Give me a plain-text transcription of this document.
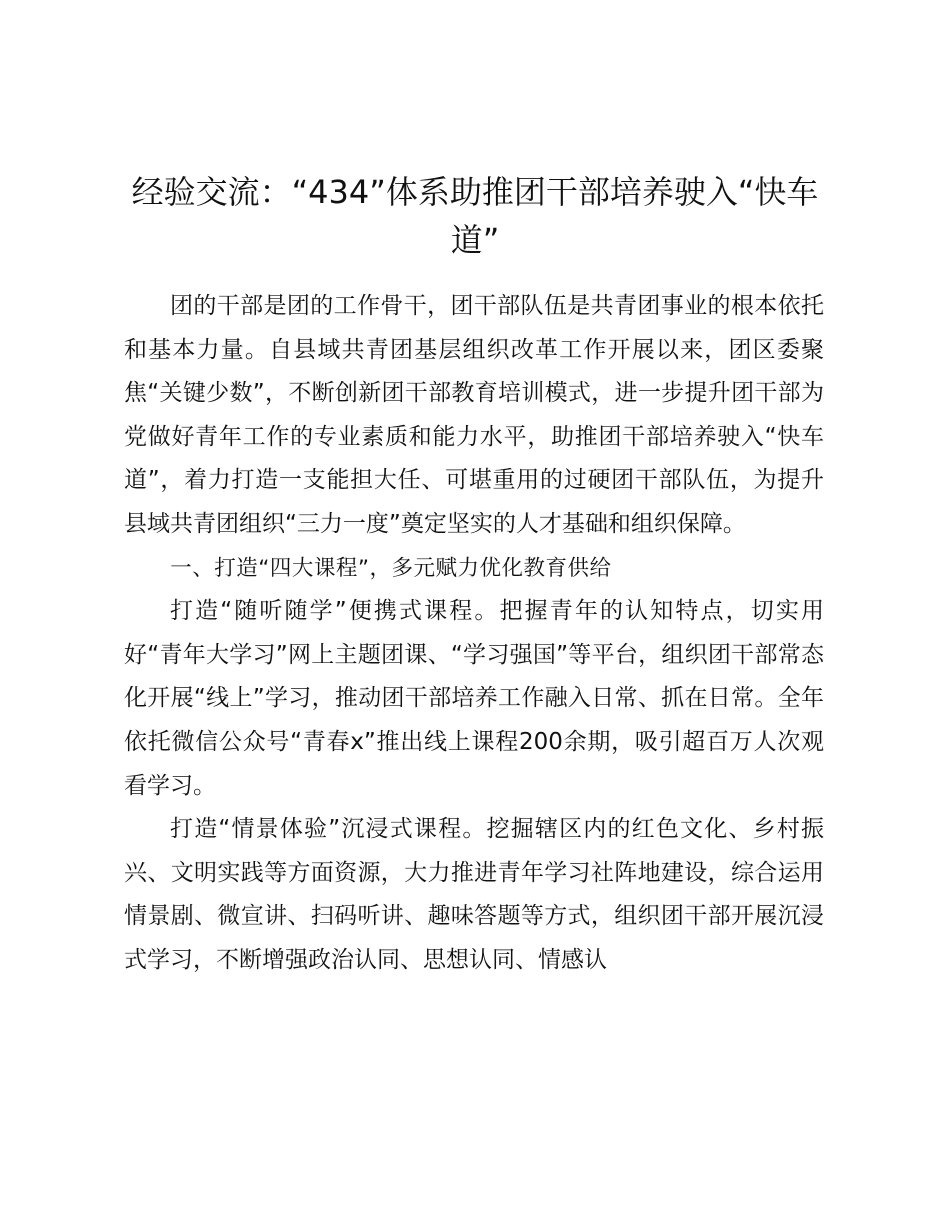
经验交流：“434”体系助推团干部培养驶入“快车道”

团的干部是团的工作骨干，团干部队伍是共青团事业的根本依托和基本力量。自县域共青团基层组织改革工作开展以来，团区委聚焦“关键少数”，不断创新团干部教育培训模式，进一步提升团干部为党做好青年工作的专业素质和能力水平，助推团干部培养驶入“快车道”，着力打造一支能担大任、可堪重用的过硬团干部队伍，为提升县域共青团组织“三力一度”奠定坚实的人才基础和组织保障。

一、打造“四大课程”，多元赋力优化教育供给

打造“随听随学”便携式课程。把握青年的认知特点，切实用好“青年大学习”网上主题团课、“学习强国”等平台，组织团干部常态化开展“线上”学习，推动团干部培养工作融入日常、抓在日常。全年依托微信公众号“青春x”推出线上课程200余期，吸引超百万人次观看学习。

打造“情景体验”沉浸式课程。挖掘辖区内的红色文化、乡村振兴、文明实践等方面资源，大力推进青年学习社阵地建设，综合运用情景剧、微宣讲、扫码听讲、趣味答题等方式，组织团干部开展沉浸式学习，不断增强政治认同、思想认同、情感认
